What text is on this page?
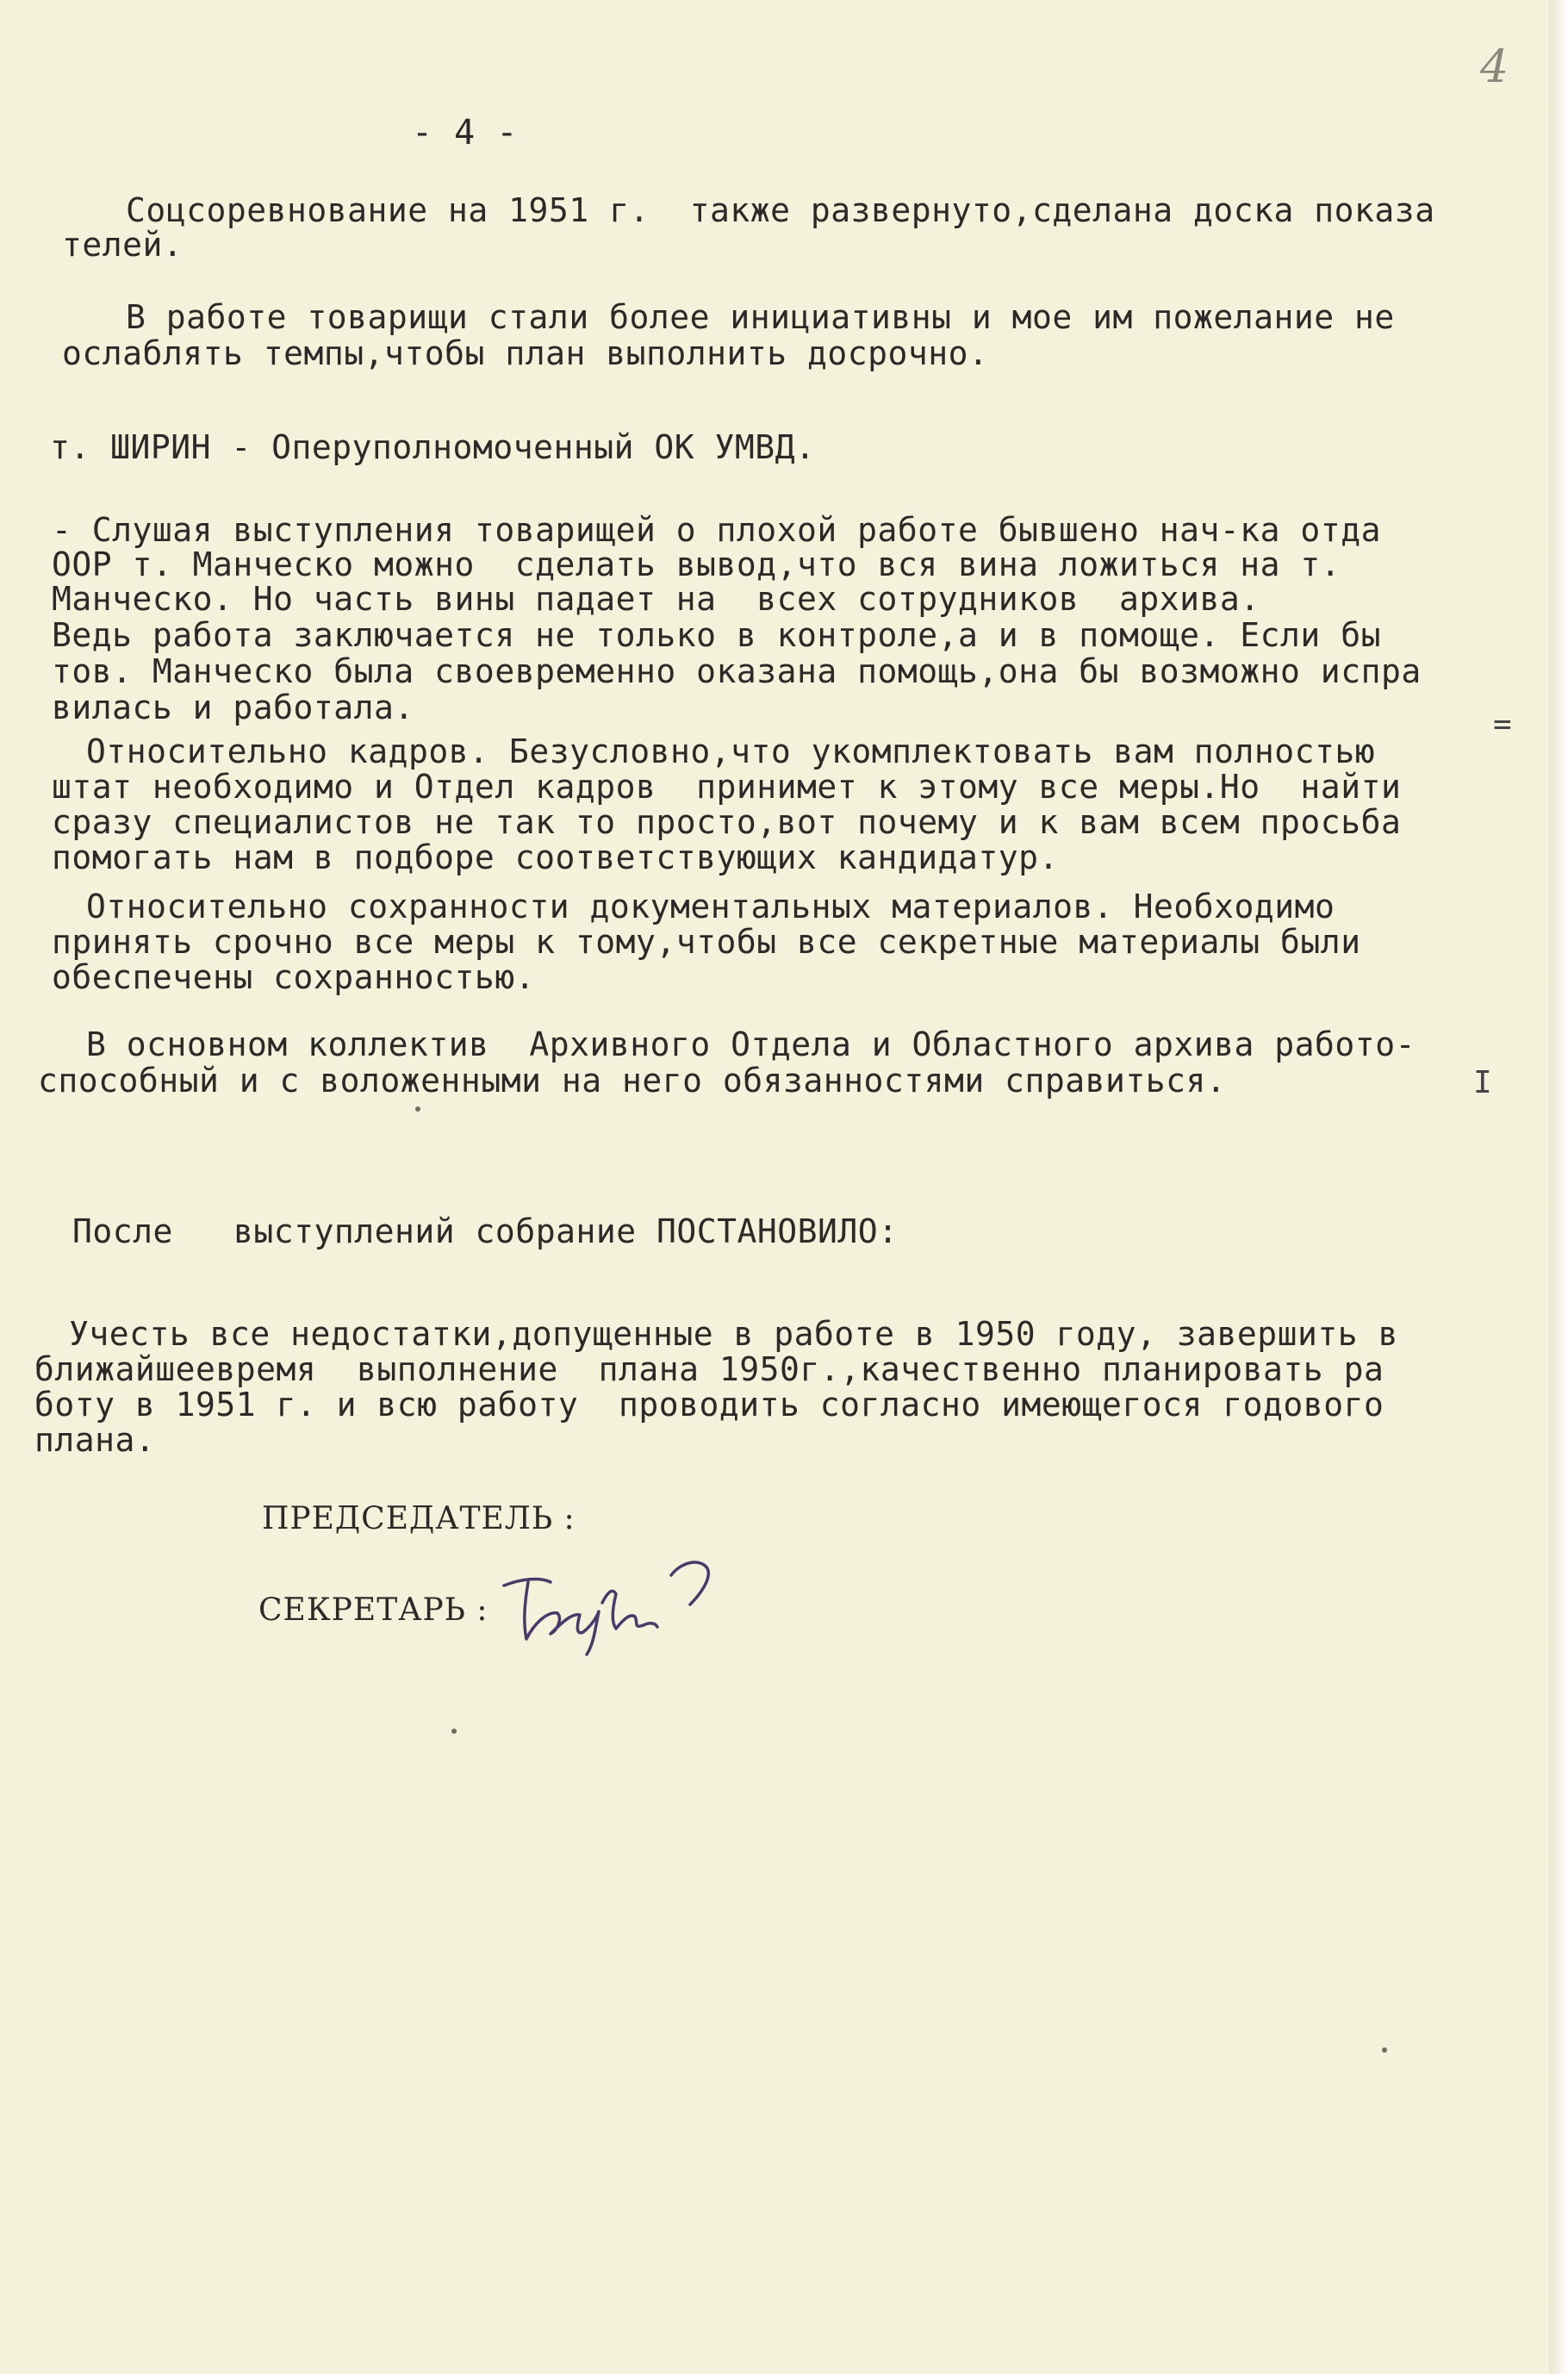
4
- 4 -
Соцсоревнование на 1951 г.  также развернуто,сделана доска показа
телей.
В работе товарищи стали более инициативны и мое им пожелание не
ослаблять темпы,чтобы план выполнить досрочно.
т. ШИРИН - Оперуполномоченный ОК УМВД.
- Слушая выступления товарищей о плохой работе бывшено нач-ка отда
ООР т. Манческо можно  сделать вывод,что вся вина ложиться на т.
Манческо. Но часть вины падает на  всех сотрудников  архива.
Ведь работа заключается не только в контроле,а и в помоще. Если бы
тов. Манческо была своевременно оказана помощь,она бы возможно испра
вилась и работала.	=
Относительно кадров. Безусловно,что укомплектовать вам полностью
штат необходимо и Отдел кадров  принимет к этому все меры.Но  найти
сразу специалистов не так то просто,вот почему и к вам всем просьба
помогать нам в подборе соответствующих кандидатур.
Относительно сохранности документальных материалов. Необходимо
принять срочно все меры к тому,чтобы все секретные материалы были
обеспечены сохранностью.
В основном коллектив  Архивного Отдела и Областного архива работо-
способный и с воложенными на него обязанностями справиться.	I
После   выступлений собрание ПОСТАНОВИЛО:
Учесть все недостатки,допущенные в работе в 1950 году, завершить в
ближайшеевремя  выполнение  плана 1950г.,качественно планировать ра
боту в 1951 г. и всю работу  проводить согласно имеющегося годового
плана.
ПРЕДСЕДАТЕЛЬ :
СЕКРЕТАРЬ :
